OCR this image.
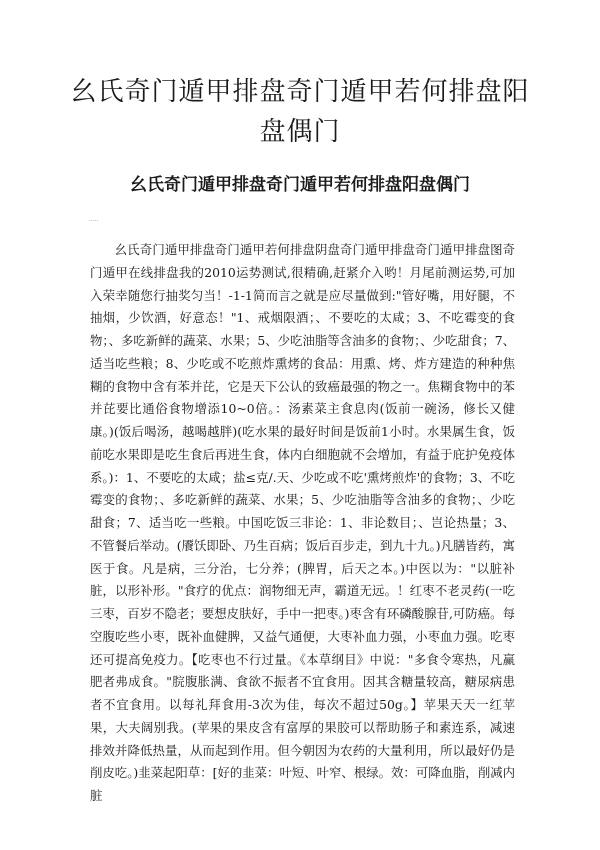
幺氏奇门遁甲排盘奇门遁甲若何排盘阳盘偶门
幺氏奇门遁甲排盘奇门遁甲若何排盘阳盘偶门
·····

幺氏奇门遁甲排盘奇门遁甲若何排盘阴盘奇门遁甲排盘奇门遁甲排盘图奇门遁甲在线排盘我的2010运势测试,很精确,赶紧介入哟！月尾前测运势,可加入荣幸随您行抽奖匀当！-1-1简而言之就是应尽量做到:"管好嘴，用好腿，不抽烟，少饮酒，好意态！"1、戒烟限酒；、不要吃的太咸；3、不吃霉变的食物；、多吃新鲜的蔬菜、水果；5、少吃油脂等含油多的食物；、少吃甜食；7、适当吃些粮；8、少吃或不吃煎炸熏烤的食品：用熏、烤、炸方建造的种种焦糊的食物中含有苯并芘，它是天下公认的致癌最强的物之一。焦糊食物中的苯并芘要比通俗食物增添10~0倍。：汤素菜主食息肉(饭前一碗汤，修长又健康。)(饭后喝汤，越喝越胖)(吃水果的最好时间是饭前1小时。水果属生食，饭前吃水果即是吃生食后再进生食，体内白细胞就不会增加，有益于庇护免疫体系。)：1、不要吃的太咸；盐≤克/.天、少吃或不吃'熏烤煎炸'的食物；3、不吃霉变的食物；、多吃新鲜的蔬菜、水果；5、少吃油脂等含油多的食物；、少吃甜食；7、适当吃一些粮。中国吃饭三非论：1、非论数目；、岂论热量；3、不管餐后举动。(餍饫即卧、乃生百病；饭后百步走，到九十九。)凡膳皆药，寓医于食。凡是病，三分治，七分养；(脾胃，后天之本。)中医以为："以脏补脏，以形补形。"食疗的优点：润物细无声，霸道无远。！红枣不老灵药(一吃三枣，百岁不隐老；要想皮肤好，手中一把枣。)枣含有环磷酸腺苷,可防癌。每空腹吃些小枣，既补血健脾，又益气通便，大枣补血力强，小枣血力强。吃枣还可提高免疫力。【吃枣也不行过量。《本草纲目》中说："多食令寒热，凡赢肥者弗成食。"脘腹胀满、食欲不振者不宜食用。因其含糖量较高，糖尿病患者不宜食用。以每礼拜食用-3次为佳，每次不超过50g。】苹果天天一红苹果，大夫阔别我。(苹果的果皮含有富厚的果胶可以帮助肠子和素连系，减速排效并降低热量，从而起到作用。但今朝因为农药的大量利用，所以最好仍是削皮吃。)韭菜起阳草：[好的韭菜：叶短、叶窄、根绿。效：可降血脂，削减内脏
